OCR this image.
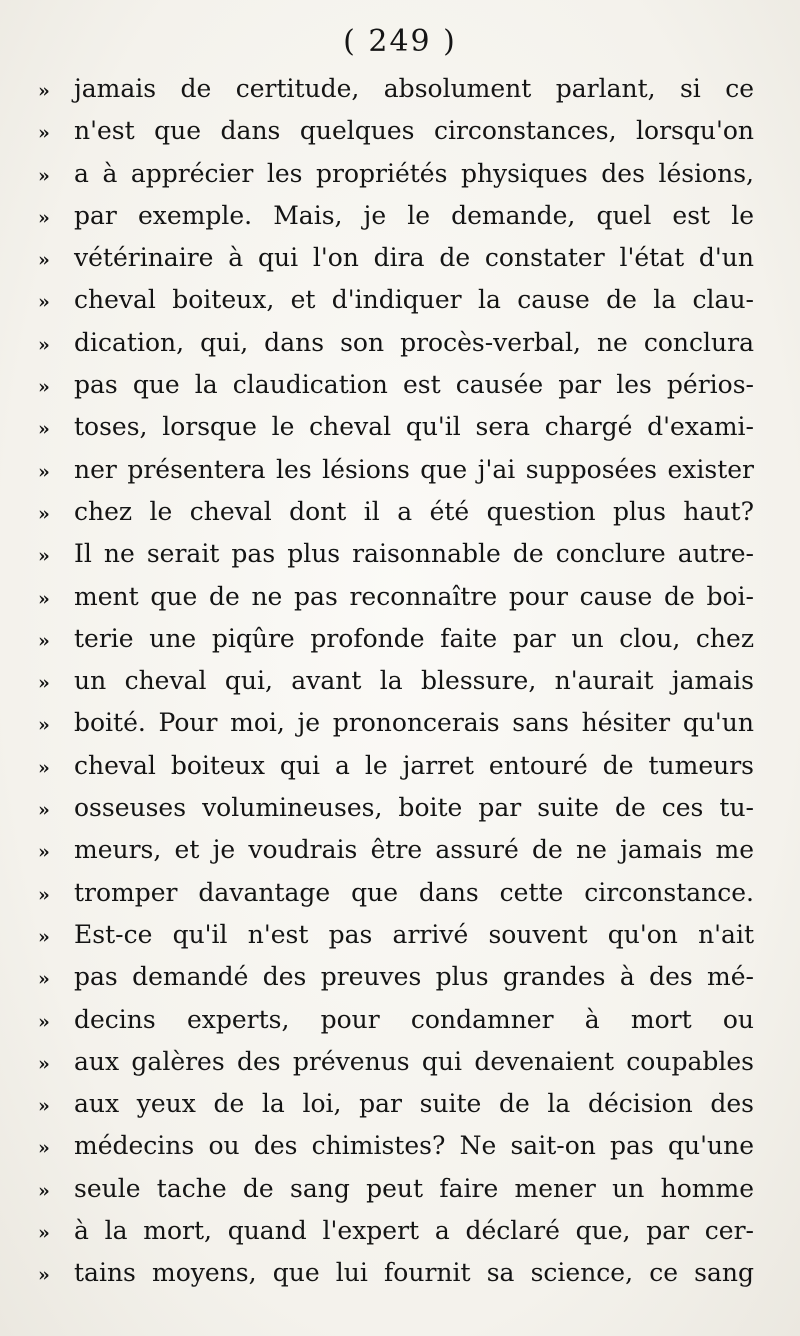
( 249 )
» jamais de certitude, absolument parlant, si ce
» n'est que dans quelques circonstances, lorsqu'on
» a à apprécier les propriétés physiques des lésions,
» par exemple. Mais, je le demande, quel est le
» vétérinaire à qui l'on dira de constater l'état d'un
» cheval boiteux, et d'indiquer la cause de la clau-
» dication, qui, dans son procès-verbal, ne conclura
» pas que la claudication est causée par les périos-
» toses, lorsque le cheval qu'il sera chargé d'exami-
» ner présentera les lésions que j'ai supposées exister
» chez le cheval dont il a été question plus haut?
» Il ne serait pas plus raisonnable de conclure autre-
» ment que de ne pas reconnaître pour cause de boi-
» terie une piqûre profonde faite par un clou, chez
» un cheval qui, avant la blessure, n'aurait jamais
» boité. Pour moi, je prononcerais sans hésiter qu'un
» cheval boiteux qui a le jarret entouré de tumeurs
» osseuses volumineuses, boite par suite de ces tu-
» meurs, et je voudrais être assuré de ne jamais me
» tromper davantage que dans cette circonstance.
» Est-ce qu'il n'est pas arrivé souvent qu'on n'ait
» pas demandé des preuves plus grandes à des mé-
» decins experts, pour condamner à mort ou
» aux galères des prévenus qui devenaient coupables
» aux yeux de la loi, par suite de la décision des
» médecins ou des chimistes? Ne sait-on pas qu'une
» seule tache de sang peut faire mener un homme
» à la mort, quand l'expert a déclaré que, par cer-
» tains moyens, que lui fournit sa science, ce sang
